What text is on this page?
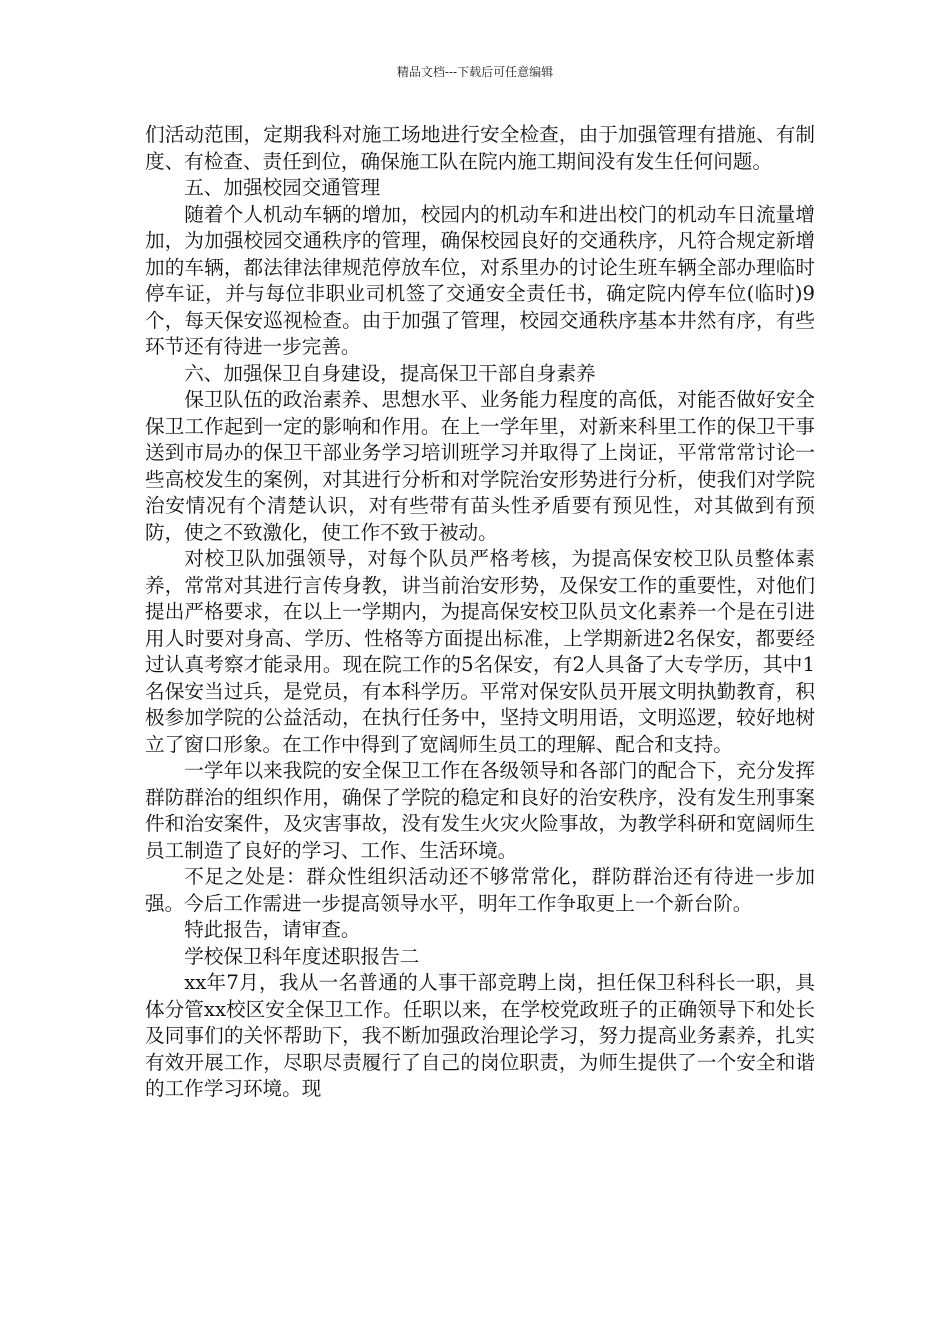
精品文档---下载后可任意编辑

们活动范围，定期我科对施工场地进行安全检查，由于加强管理有措施、有制度、有检查、责任到位，确保施工队在院内施工期间没有发生任何问题。

五、加强校园交通管理

随着个人机动车辆的增加，校园内的机动车和进出校门的机动车日流量增加，为加强校园交通秩序的管理，确保校园良好的交通秩序，凡符合规定新增加的车辆，都法律法律规范停放车位，对系里办的讨论生班车辆全部办理临时停车证，并与每位非职业司机签了交通安全责任书，确定院内停车位(临时)9个，每天保安巡视检查。由于加强了管理，校园交通秩序基本井然有序，有些环节还有待进一步完善。

六、加强保卫自身建设，提高保卫干部自身素养

保卫队伍的政治素养、思想水平、业务能力程度的高低，对能否做好安全保卫工作起到一定的影响和作用。在上一学年里，对新来科里工作的保卫干事送到市局办的保卫干部业务学习培训班学习并取得了上岗证，平常常常讨论一些高校发生的案例，对其进行分析和对学院治安形势进行分析，使我们对学院治安情况有个清楚认识，对有些带有苗头性矛盾要有预见性，对其做到有预防，使之不致激化，使工作不致于被动。

对校卫队加强领导，对每个队员严格考核，为提高保安校卫队员整体素养，常常对其进行言传身教，讲当前治安形势，及保安工作的重要性，对他们提出严格要求，在以上一学期内，为提高保安校卫队员文化素养一个是在引进用人时要对身高、学历、性格等方面提出标准，上学期新进2名保安，都要经过认真考察才能录用。现在院工作的5名保安，有2人具备了大专学历，其中1名保安当过兵，是党员，有本科学历。平常对保安队员开展文明执勤教育，积极参加学院的公益活动，在执行任务中，坚持文明用语，文明巡逻，较好地树立了窗口形象。在工作中得到了宽阔师生员工的理解、配合和支持。

一学年以来我院的安全保卫工作在各级领导和各部门的配合下，充分发挥群防群治的组织作用，确保了学院的稳定和良好的治安秩序，没有发生刑事案件和治安案件，及灾害事故，没有发生火灾火险事故，为教学科研和宽阔师生员工制造了良好的学习、工作、生活环境。

不足之处是：群众性组织活动还不够常常化，群防群治还有待进一步加强。今后工作需进一步提高领导水平，明年工作争取更上一个新台阶。

特此报告，请审查。

学校保卫科年度述职报告二

xx年7月，我从一名普通的人事干部竞聘上岗，担任保卫科科长一职，具体分管xx校区安全保卫工作。任职以来，在学校党政班子的正确领导下和处长及同事们的关怀帮助下，我不断加强政治理论学习，努力提高业务素养，扎实有效开展工作，尽职尽责履行了自己的岗位职责，为师生提供了一个安全和谐的工作学习环境。现
